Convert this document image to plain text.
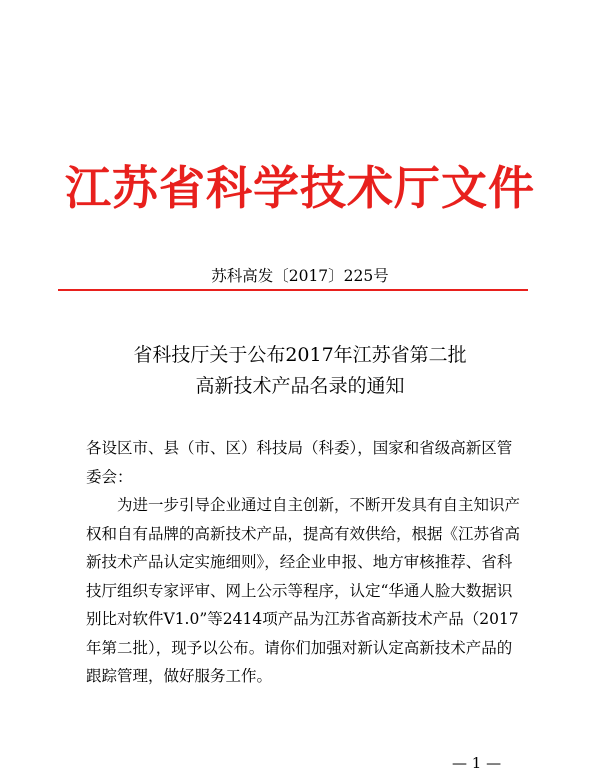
江苏省科学技术厅文件
苏科高发〔2017〕225号
省科技厅关于公布2017年江苏省第二批
高新技术产品名录的通知

各设区市、县（市、区）科技局（科委），国家和省级高新区管
委会：

为进一步引导企业通过自主创新，不断开发具有自主知识产
权和自有品牌的高新技术产品，提高有效供给，根据《江苏省高
新技术产品认定实施细则》，经企业申报、地方审核推荐、省科
技厅组织专家评审、网上公示等程序，认定“华通人脸大数据识
别比对软件V1.0”等2414项产品为江苏省高新技术产品（2017
年第二批），现予以公布。请你们加强对新认定高新技术产品的
跟踪管理，做好服务工作。

— 1 —
